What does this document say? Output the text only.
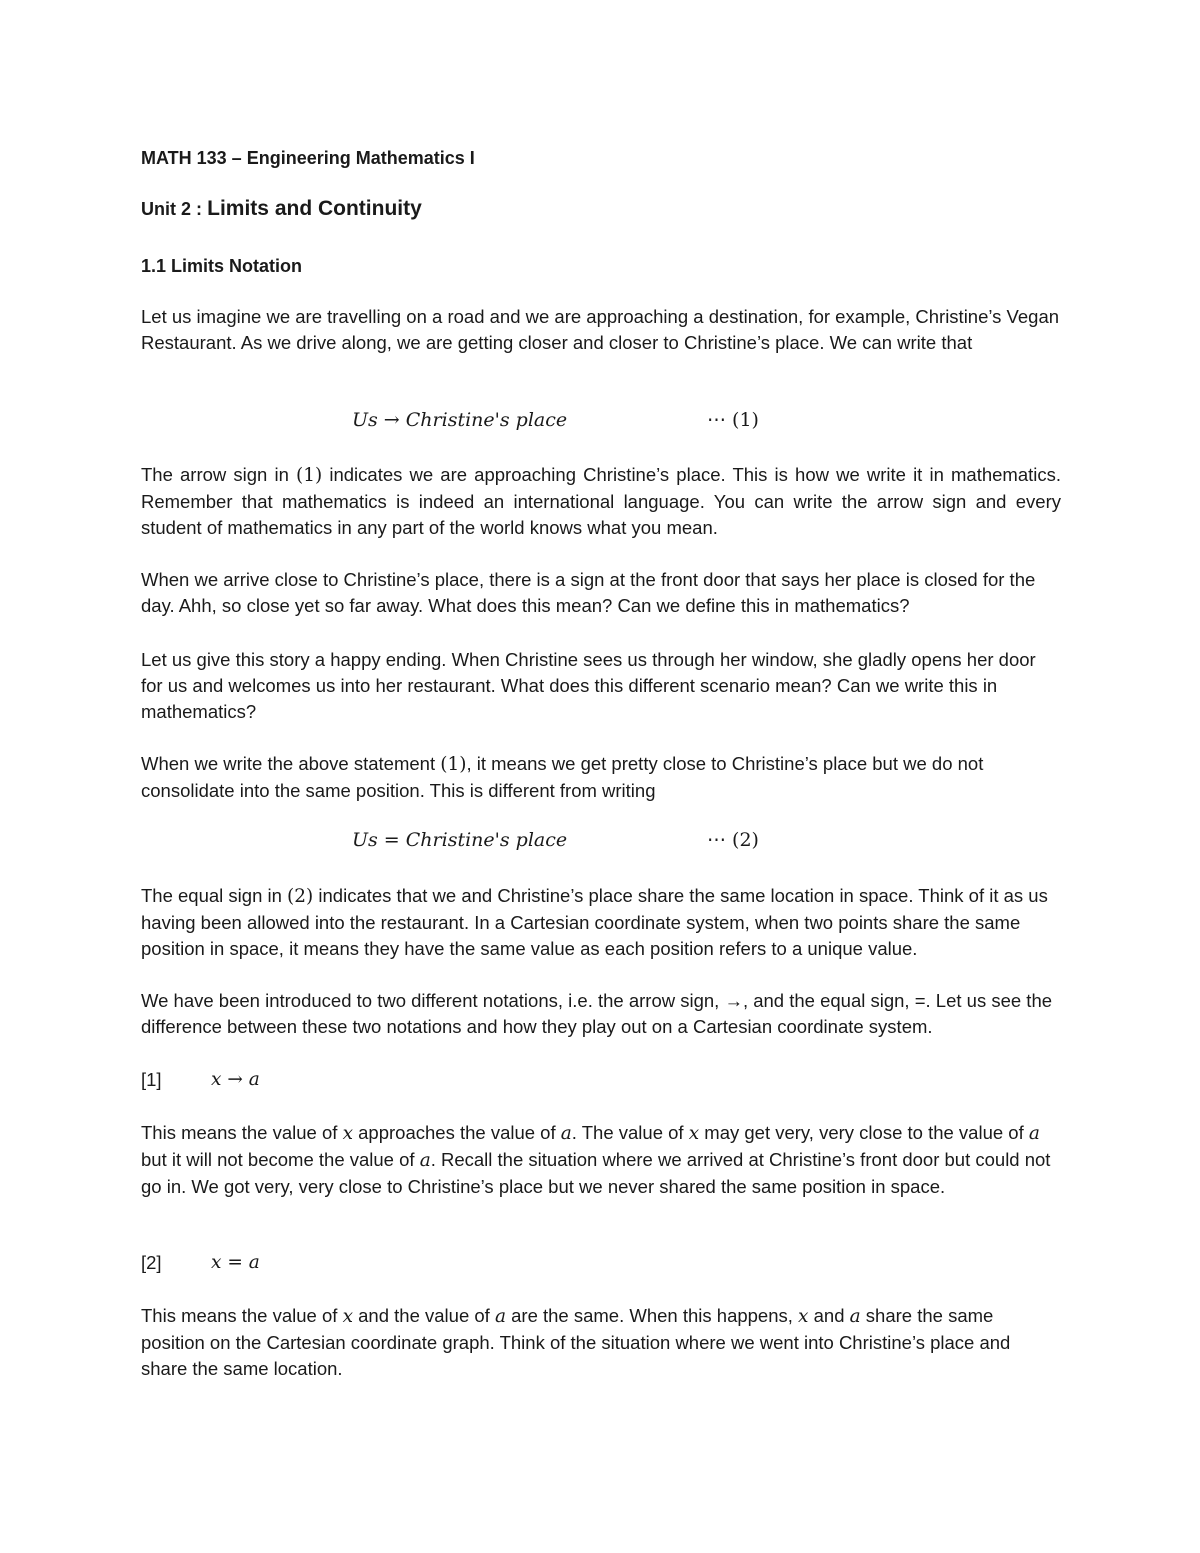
MATH 133 – Engineering Mathematics I
Unit 2 : Limits and Continuity
1.1 Limits Notation

Let us imagine we are travelling on a road and we are approaching a destination, for example, Christine’s Vegan Restaurant. As we drive along, we are getting closer and closer to Christine’s place. We can write that

Us → Christine's place	⋯ (1)

The arrow sign in (1) indicates we are approaching Christine’s place. This is how we write it in mathematics. Remember that mathematics is indeed an international language. You can write the arrow sign and every student of mathematics in any part of the world knows what you mean.

When we arrive close to Christine’s place, there is a sign at the front door that says her place is closed for the day. Ahh, so close yet so far away. What does this mean? Can we define this in mathematics?

Let us give this story a happy ending. When Christine sees us through her window, she gladly opens her door for us and welcomes us into her restaurant. What does this different scenario mean? Can we write this in mathematics?

When we write the above statement (1), it means we get pretty close to Christine’s place but we do not consolidate into the same position. This is different from writing

Us = Christine's place	⋯ (2)

The equal sign in (2) indicates that we and Christine’s place share the same location in space. Think of it as us having been allowed into the restaurant. In a Cartesian coordinate system, when two points share the same position in space, it means they have the same value as each position refers to a unique value.

We have been introduced to two different notations, i.e. the arrow sign, →, and the equal sign, =. Let us see the difference between these two notations and how they play out on a Cartesian coordinate system.

[1]	x → a

This means the value of x approaches the value of a. The value of x may get very, very close to the value of a but it will not become the value of a. Recall the situation where we arrived at Christine’s front door but could not go in. We got very, very close to Christine’s place but we never shared the same position in space.

[2]	x = a

This means the value of x and the value of a are the same. When this happens, x and a share the same position on the Cartesian coordinate graph. Think of the situation where we went into Christine’s place and share the same location.
